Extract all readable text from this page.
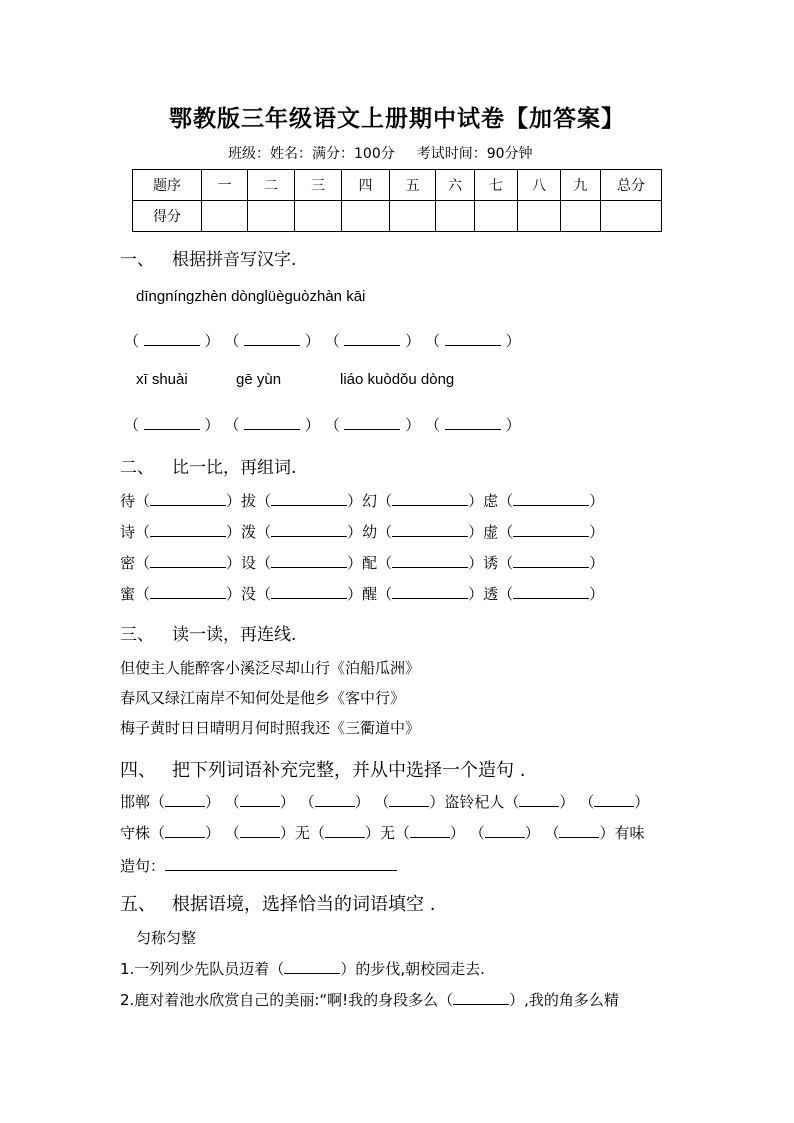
鄂教版三年级语文上册期中试卷【加答案】
班级：姓名：满分：100分 考试时间：90分钟
题序	一	二	三	四	五	六	七	八	九	总分
得分										
一、 根据拼音写汉字.
dīngníngzhèn dònglüèguòzhàn kāi
（	） （	） （	） （	）
xī shuài	gē yùn	liáo kuòdǒu dòng
（	） （	） （	） （	）
二、 比一比，再组词.
待（	）拔（	）幻（	）虑（	）
诗（	）泼（	）幼（	）虚（	）
密（	）设（	）配（	）诱（	）
蜜（	）没（	）醒（	）透（	）
三、 读一读，再连线.
但使主人能醉客小溪泛尽却山行《泊船瓜洲》
春风又绿江南岸不知何处是他乡《客中行》
梅子黄时日日晴明月何时照我还《三衢道中》
四、 把下列词语补充完整，并从中选择一个造句 .
邯郸（	） （	） （	） （	）盗铃杞人（	） （	）
守株（	） （	）无（	）无（	） （	） （	）有味
造句：
五、 根据语境，选择恰当的词语填空 .
匀称匀整
1.一列列少先队员迈着（	）的步伐,朝校园走去.
2.鹿对着池水欣赏自己的美丽:“啊!我的身段多么（	）,我的角多么精
